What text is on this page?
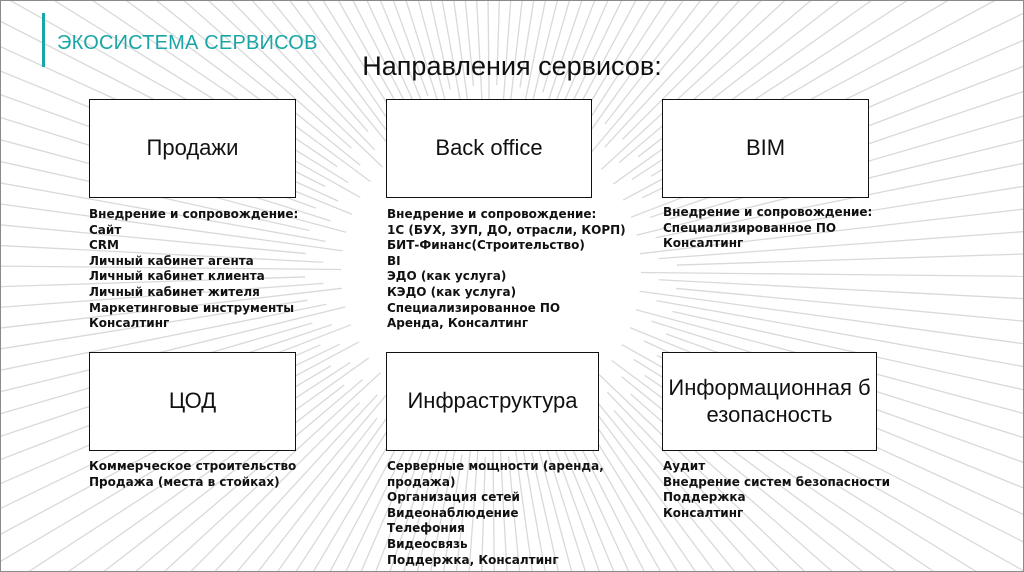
ЭКОСИСТЕМА СЕРВИСОВ
Направления сервисов:
Продажи
Внедрение и сопровождение:
Сайт
CRM
Личный кабинет агента
Личный кабинет клиента
Личный кабинет жителя
Маркетинговые инструменты
Консалтинг
Back office
Внедрение и сопровождение:
1С (БУХ, ЗУП, ДО, отрасли, КОРП)
БИТ-Финанс(Строительство)
BI
ЭДО (как услуга)
КЭДО (как услуга)
Специализированное ПО
Аренда, Консалтинг
BIM
Внедрение и сопровождение:
Специализированное ПО
Консалтинг
ЦОД
Коммерческое строительство
Продажа (места в стойках)
Инфраструктура
Серверные мощности (аренда, продажа)
Организация сетей
Видеонаблюдение
Телефония
Видеосвязь
Поддержка, Консалтинг
Информационная безопасность
Аудит
Внедрение систем безопасности
Поддержка
Консалтинг
